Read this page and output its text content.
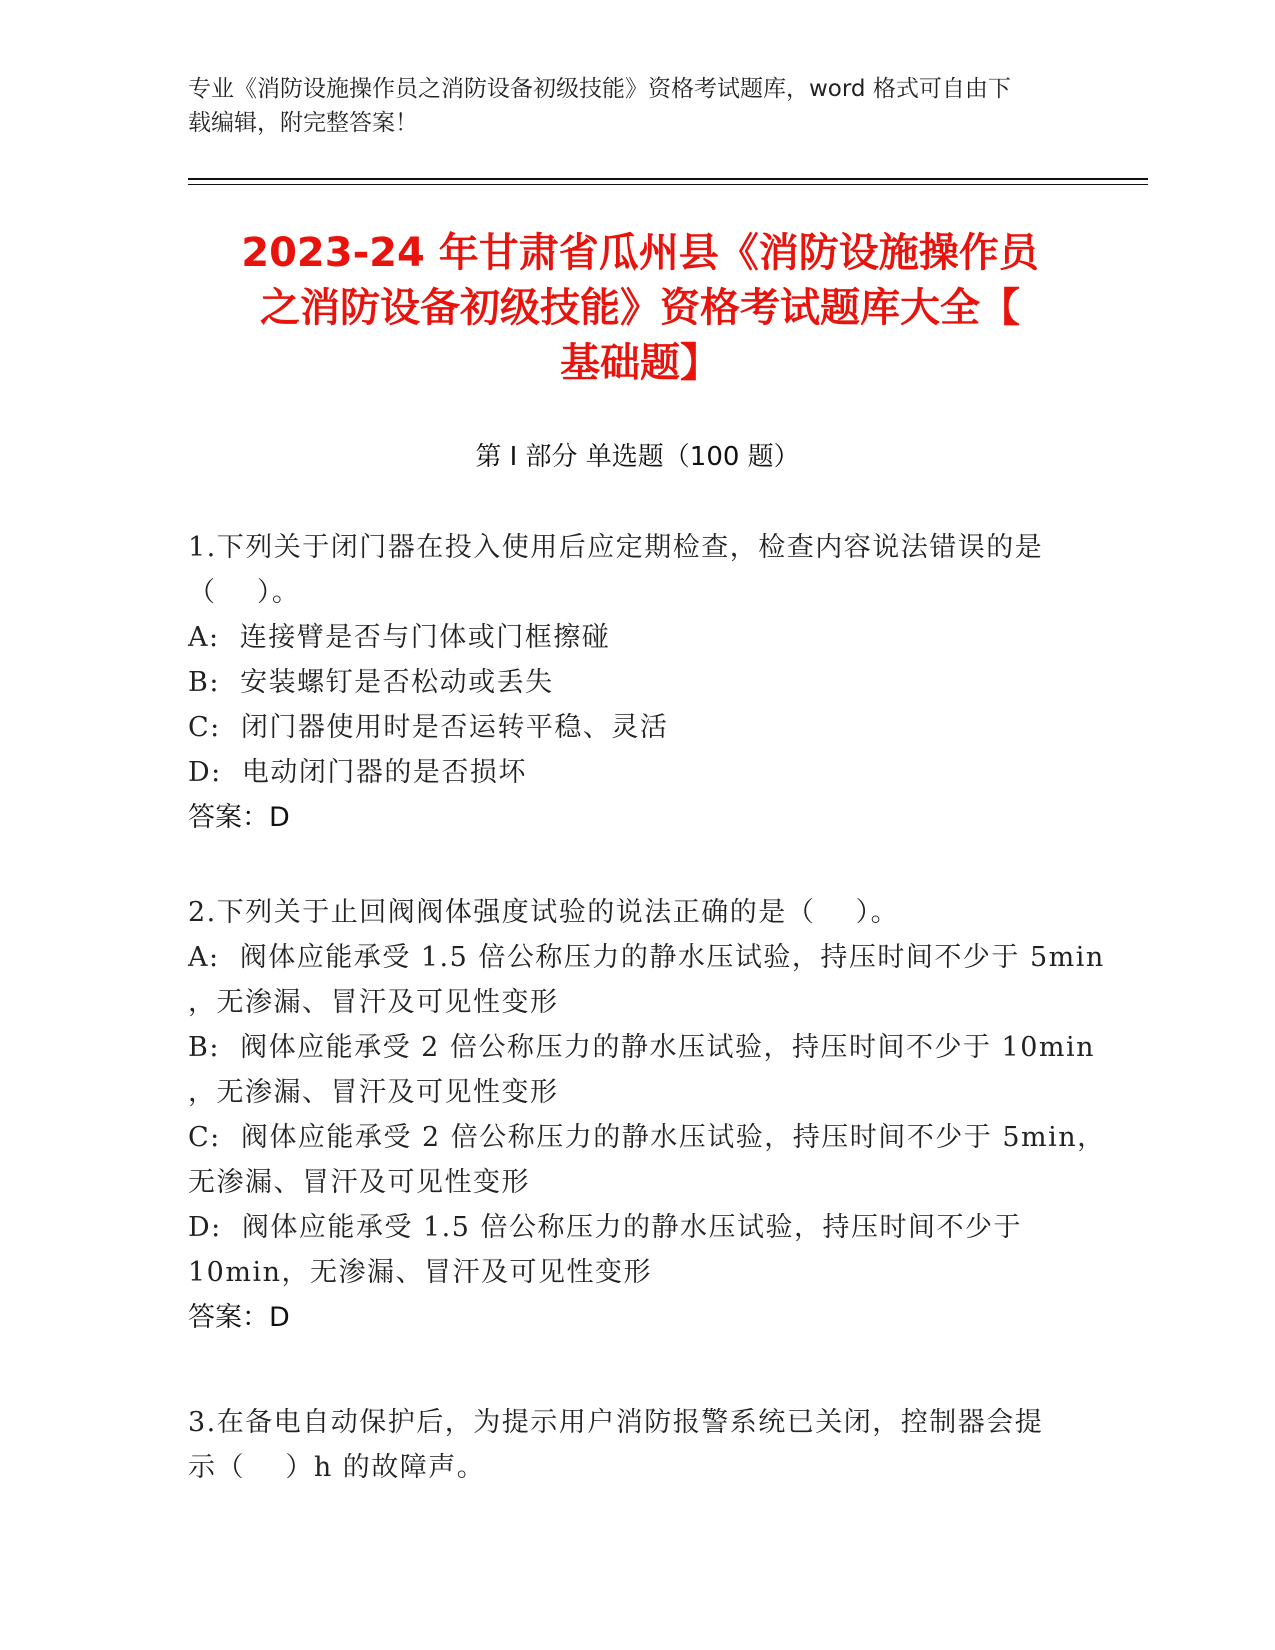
专业《消防设施操作员之消防设备初级技能》资格考试题库，word 格式可自由下
载编辑，附完整答案！
2023-24 年甘肃省瓜州县《消防设施操作员
之消防设备初级技能》资格考试题库大全【
基础题】
第 I 部分 单选题（100 题）
1.下列关于闭门器在投入使用后应定期检查，检查内容说法错误的是
（    ）。
A:  连接臂是否与门体或门框擦碰
B:  安装螺钉是否松动或丢失
C:  闭门器使用时是否运转平稳、灵活
D:  电动闭门器的是否损坏
答案：D
2.下列关于止回阀阀体强度试验的说法正确的是（    ）。
A:  阀体应能承受 1.5 倍公称压力的静水压试验，持压时间不少于 5min
，无渗漏、冒汗及可见性变形
B:  阀体应能承受 2 倍公称压力的静水压试验，持压时间不少于 10min
，无渗漏、冒汗及可见性变形
C:  阀体应能承受 2 倍公称压力的静水压试验，持压时间不少于 5min，
无渗漏、冒汗及可见性变形
D:  阀体应能承受 1.5 倍公称压力的静水压试验，持压时间不少于
10min，无渗漏、冒汗及可见性变形
答案：D
3.在备电自动保护后，为提示用户消防报警系统已关闭，控制器会提
示（    ）h 的故障声。
